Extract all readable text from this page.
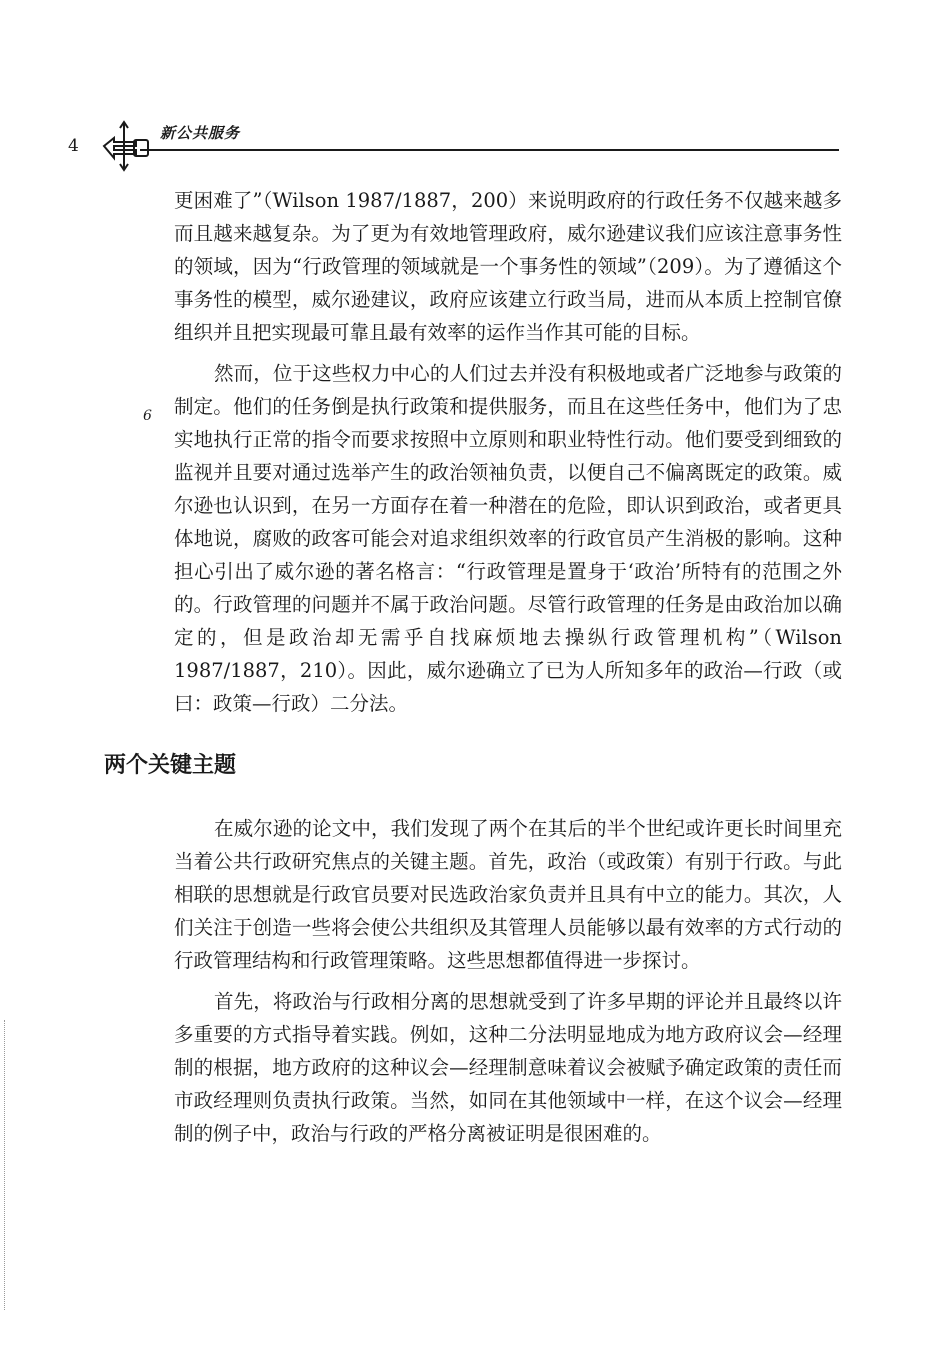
4
新公共服务
6

更困难了”（Wilson 1987/1887，200）来说明政府的行政任务不仅越来越多而且越来越复杂。为了更为有效地管理政府，威尔逊建议我们应该注意事务性的领域，因为“行政管理的领域就是一个事务性的领域”（209）。为了遵循这个事务性的模型，威尔逊建议，政府应该建立行政当局，进而从本质上控制官僚组织并且把实现最可靠且最有效率的运作当作其可能的目标。

然而，位于这些权力中心的人们过去并没有积极地或者广泛地参与政策的制定。他们的任务倒是执行政策和提供服务，而且在这些任务中，他们为了忠实地执行正常的指令而要求按照中立原则和职业特性行动。他们要受到细致的监视并且要对通过选举产生的政治领袖负责，以便自己不偏离既定的政策。威尔逊也认识到，在另一方面存在着一种潜在的危险，即认识到政治，或者更具体地说，腐败的政客可能会对追求组织效率的行政官员产生消极的影响。这种担心引出了威尔逊的著名格言：“行政管理是置身于‘政治’所特有的范围之外的。行政管理的问题并不属于政治问题。尽管行政管理的任务是由政治加以确定的，但是政治却无需乎自找麻烦地去操纵行政管理机构”（Wilson 1987/1887，210）。因此，威尔逊确立了已为人所知多年的政治—行政（或曰：政策—行政）二分法。

两个关键主题

在威尔逊的论文中，我们发现了两个在其后的半个世纪或许更长时间里充当着公共行政研究焦点的关键主题。首先，政治（或政策）有别于行政。与此相联的思想就是行政官员要对民选政治家负责并且具有中立的能力。其次，人们关注于创造一些将会使公共组织及其管理人员能够以最有效率的方式行动的行政管理结构和行政管理策略。这些思想都值得进一步探讨。

首先，将政治与行政相分离的思想就受到了许多早期的评论并且最终以许多重要的方式指导着实践。例如，这种二分法明显地成为地方政府议会—经理制的根据，地方政府的这种议会—经理制意味着议会被赋予确定政策的责任而市政经理则负责执行政策。当然，如同在其他领域中一样，在这个议会—经理制的例子中，政治与行政的严格分离被证明是很困难的。
